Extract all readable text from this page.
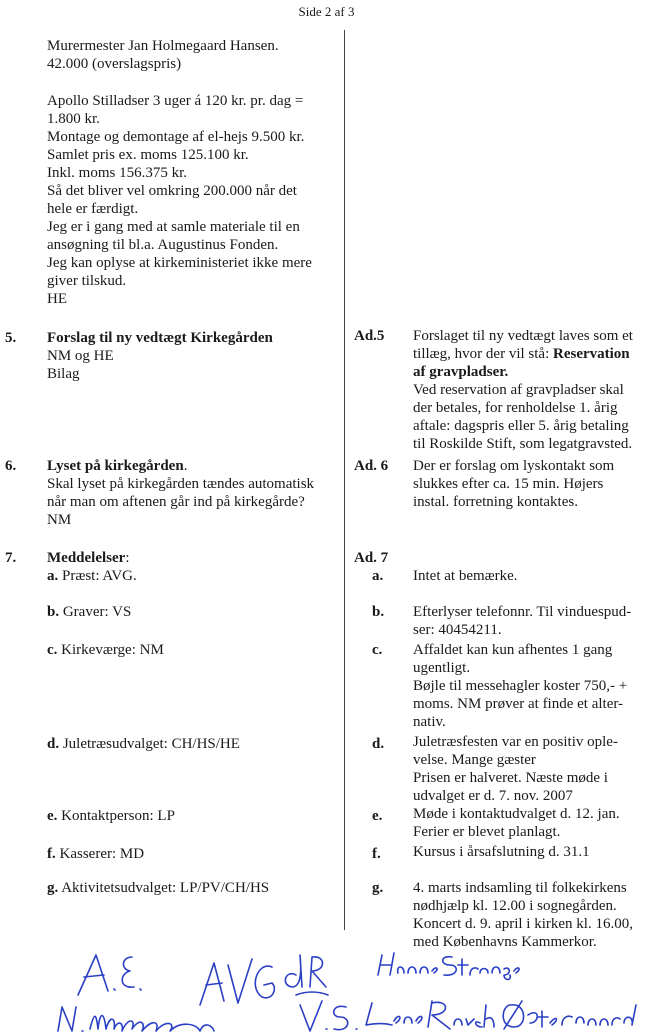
Side 2 af 3
Murermester Jan Holmegaard Hansen.
42.000 (overslagspris)
Apollo Stilladser 3 uger á 120 kr. pr. dag =
1.800 kr.
Montage og demontage af el-hejs 9.500 kr.
Samlet pris ex. moms 125.100 kr.
Inkl. moms 156.375 kr.
Så det bliver vel omkring 200.000 når det
hele er færdigt.
Jeg er i gang med at samle materiale til en
ansøgning til bl.a. Augustinus Fonden.
Jeg kan oplyse at kirkeministeriet ikke mere
giver tilskud.
HE
5. Forslag til ny vedtægt Kirkegården
NM og HE
Bilag
Ad.5 Forslaget til ny vedtægt laves som et
tillæg, hvor der vil stå: Reservation
af gravpladser.
Ved reservation af gravpladser skal
der betales, for renholdelse 1. årig
aftale: dagspris eller 5. årig betaling
til Roskilde Stift, som legatgravsted.
6. Lyset på kirkegården.
Skal lyset på kirkegården tændes automatisk
når man om aftenen går ind på kirkegårde?
NM
Ad. 6 Der er forslag om lyskontakt som
slukkes efter ca. 15 min. Højers
instal. forretning kontaktes.
7. Meddelelser:	Ad. 7
a. Præst: AVG.	a. Intet at bemærke.
b. Graver: VS	b. Efterlyser telefonnr. Til vinduespud-
ser: 40454211.
c. Kirkeværge: NM	c. Affaldet kan kun afhentes 1 gang
ugentligt.
Bøjle til messehagler koster 750,- +
moms. NM prøver at finde et alter-
nativ.
d. Juletræsudvalget: CH/HS/HE	d. Juletræsfesten var en positiv ople-
velse. Mange gæster
Prisen er halveret. Næste møde i
udvalget er d. 7. nov. 2007
e. Kontaktperson: LP	e. Møde i kontaktudvalget d. 12. jan.
Ferier er blevet planlagt.
f. Kasserer: MD	f. Kursus i årsafslutning d. 31.1
g. Aktivitetsudvalget: LP/PV/CH/HS	g. 4. marts indsamling til folkekirkens
nødhjælp kl. 12.00 i sognegården.
Koncert d. 9. april i kirken kl. 16.00,
med Københavns Kammerkor.
